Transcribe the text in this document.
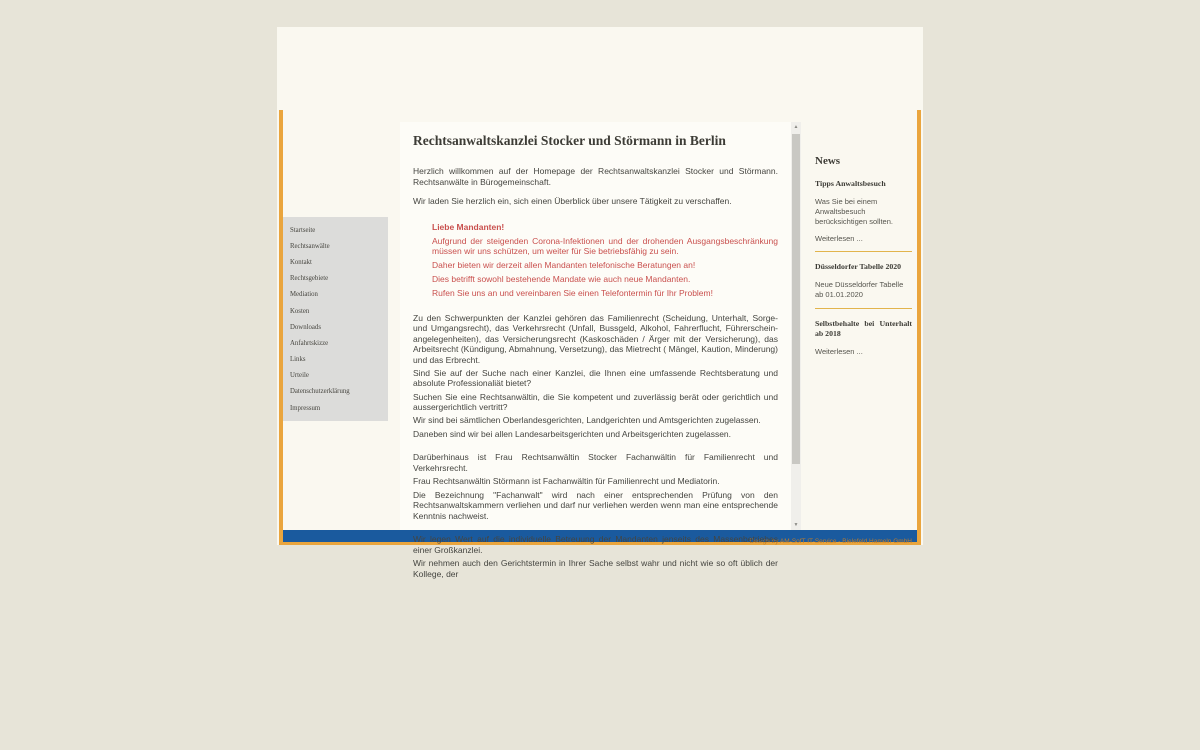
Startseite
Rechtsanwälte
Kontakt
Rechtsgebiete
Mediation
Kosten
Downloads
Anfahrtskizze
Links
Urteile
Datenschutzerklärung
Impressum
Rechtsanwaltskanzlei Stocker und Störmann in Berlin

Herzlich willkommen auf der Homepage der Rechtsanwaltskanzlei Stocker und Störmann. Rechtsanwälte in Bürogemeinschaft.

Wir laden Sie herzlich ein, sich einen Überblick über unsere Tätigkeit zu verschaffen.

Liebe Mandanten!

Aufgrund der steigenden Corona-Infektionen und der drohenden Ausgangsbeschränkung müssen wir uns schützen, um weiter für Sie betriebsfähig zu sein.

Daher bieten wir derzeit allen Mandanten telefonische Beratungen an!

Dies betrifft sowohl bestehende Mandate wie auch neue Mandanten.

Rufen Sie uns an und vereinbaren Sie einen Telefontermin für Ihr Problem!

Zu den Schwerpunkten der Kanzlei gehören das Familienrecht (Scheidung, Unterhalt, Sorge- und Umgangsrecht), das Verkehrsrecht (Unfall, Bussgeld, Alkohol, Fahrerflucht, Führerschein-angelegenheiten), das Versicherungsrecht (Kaskoschäden / Ärger mit der Versicherung), das Arbeitsrecht (Kündigung, Abmahnung, Versetzung), das Mietrecht ( Mängel, Kaution, Minderung) und das Erbrecht.

Sind Sie auf der Suche nach einer Kanzlei, die Ihnen eine umfassende Rechtsberatung und absolute Professionaliät bietet?

Suchen Sie eine Rechtsanwältin, die Sie kompetent und zuverlässig berät oder gerichtlich und aussergerichtlich vertritt?

Wir sind bei sämtlichen Oberlandesgerichten, Landgerichten und Amtsgerichten zugelassen.

Daneben sind wir bei allen Landesarbeitsgerichten und Arbeitsgerichten zugelassen.

Darüberhinaus ist Frau Rechtsanwältin Stocker Fachanwältin für Familienrecht und Verkehrsrecht.

Frau Rechtsanwältin Störmann ist Fachanwältin für Familienrecht und Mediatorin.

Die Bezeichnung "Fachanwalt" wird nach einer entsprechenden Prüfung von den Rechtsanwaltskammern verliehen und darf nur verliehen werden wenn man eine entsprechende Kenntnis nachweist.

Wir legen Wert auf die individuelle Betreuung der Mandanten jenseits des Massenbetriebes einer Großkanzlei.

Wir nehmen auch den Gerichtstermin in Ihrer Sache selbst wahr und nicht wie so oft üblich der Kollege, der

▲
▼
News
Tipps Anwaltsbesuch

Was Sie bei einem Anwaltsbesuch berücksichtigen sollten.

Weiterlesen ...
Düsseldorfer Tabelle 2020

Neue Düsseldorfer Tabelle ab 01.01.2020

Selbstbehalte bei Unterhalt ab 2018
Weiterlesen ...
Design by AM-SofT IT-Service - Bielefeld Hameln GmbH
